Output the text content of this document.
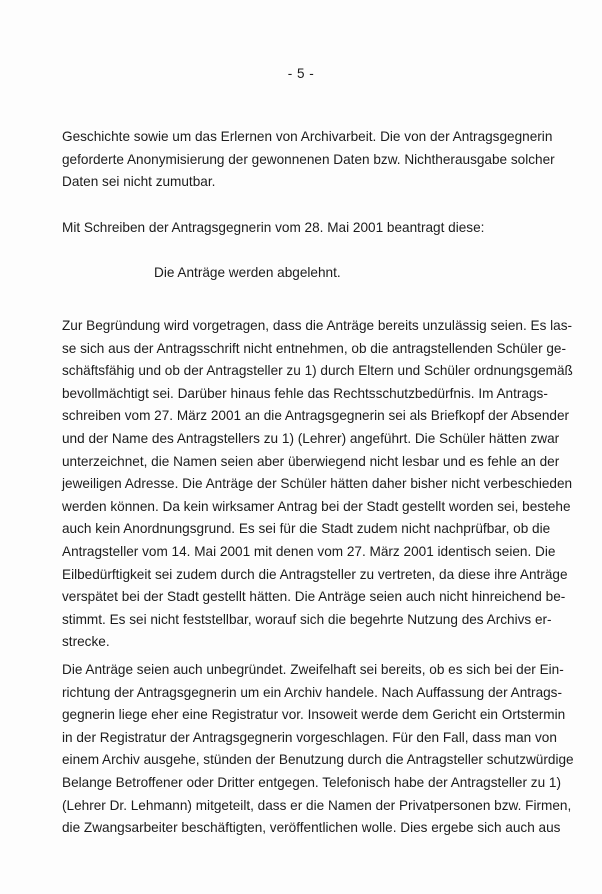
- 5 -

Geschichte sowie um das Erlernen von Archivarbeit. Die von der Antragsgegnerin
geforderte Anonymisierung der gewonnenen Daten bzw. Nichtherausgabe solcher
Daten sei nicht zumutbar.

Mit Schreiben der Antragsgegnerin vom 28. Mai 2001 beantragt diese:

Die Anträge werden abgelehnt.

Zur Begründung wird vorgetragen, dass die Anträge bereits unzulässig seien. Es las-
se sich aus der Antragsschrift nicht entnehmen, ob die antragstellenden Schüler ge-
schäftsfähig und ob der Antragsteller zu 1) durch Eltern und Schüler ordnungsgemäß
bevollmächtigt sei. Darüber hinaus fehle das Rechtsschutzbedürfnis. Im Antrags-
schreiben vom 27. März 2001 an die Antragsgegnerin sei als Briefkopf der Absender
und der Name des Antragstellers zu 1) (Lehrer) angeführt. Die Schüler hätten zwar
unterzeichnet, die Namen seien aber überwiegend nicht lesbar und es fehle an der
jeweiligen Adresse. Die Anträge der Schüler hätten daher bisher nicht verbeschieden
werden können. Da kein wirksamer Antrag bei der Stadt gestellt worden sei, bestehe
auch kein Anordnungsgrund. Es sei für die Stadt zudem nicht nachprüfbar, ob die
Antragsteller vom 14. Mai 2001 mit denen vom 27. März 2001 identisch seien. Die
Eilbedürftigkeit sei zudem durch die Antragsteller zu vertreten, da diese ihre Anträge
verspätet bei der Stadt gestellt hätten. Die Anträge seien auch nicht hinreichend be-
stimmt. Es sei nicht feststellbar, worauf sich die begehrte Nutzung des Archivs er-
strecke.

Die Anträge seien auch unbegründet. Zweifelhaft sei bereits, ob es sich bei der Ein-
richtung der Antragsgegnerin um ein Archiv handele. Nach Auffassung der Antrags-
gegnerin liege eher eine Registratur vor. Insoweit werde dem Gericht ein Ortstermin
in der Registratur der Antragsgegnerin vorgeschlagen. Für den Fall, dass man von
einem Archiv ausgehe, stünden der Benutzung durch die Antragsteller schutzwürdige
Belange Betroffener oder Dritter entgegen. Telefonisch habe der Antragsteller zu 1)
(Lehrer Dr. Lehmann) mitgeteilt, dass er die Namen der Privatpersonen bzw. Firmen,
die Zwangsarbeiter beschäftigten, veröffentlichen wolle. Dies ergebe sich auch aus
